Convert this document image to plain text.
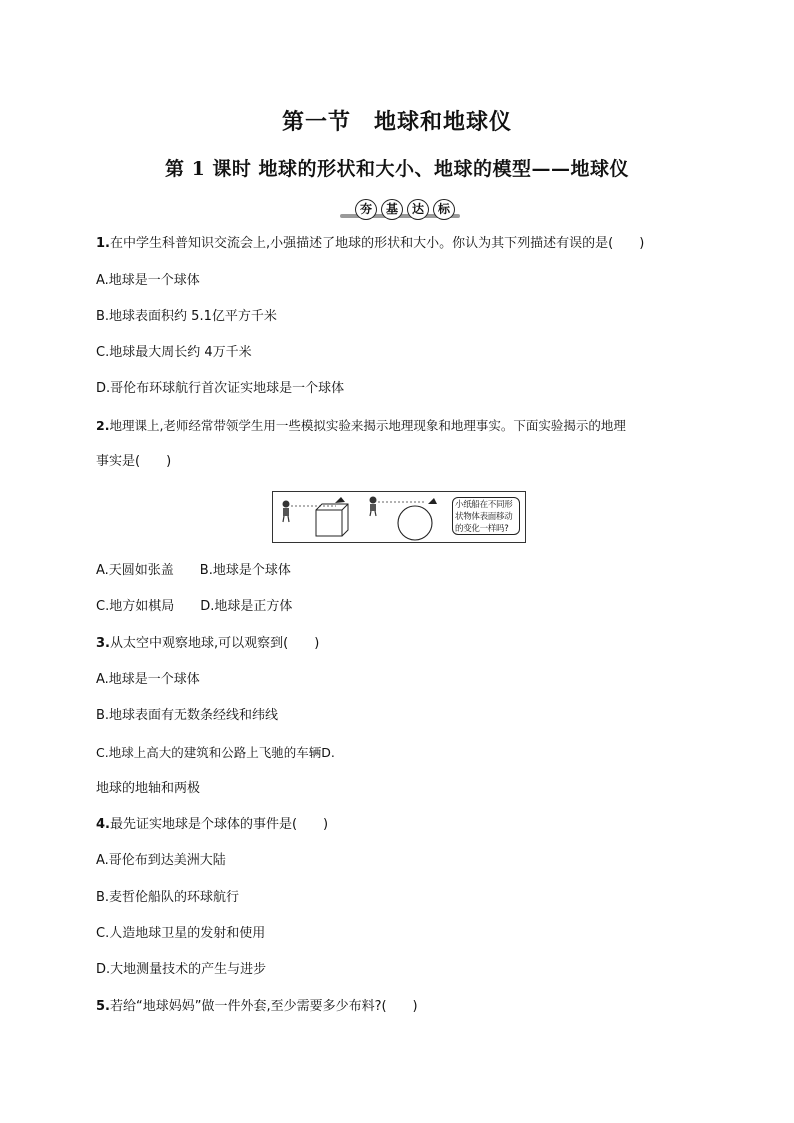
第一节　地球和地球仪
第 1 课时 地球的形状和大小、地球的模型——地球仪
夯	基	达	标
1.在中学生科普知识交流会上,小强描述了地球的形状和大小。你认为其下列描述有误的是(　　)
A.地球是一个球体
B.地球表面积约 5.1亿平方千米
C.地球最大周长约 4万千米
D.哥伦布环球航行首次证实地球是一个球体
2.地理课上,老师经常带领学生用一些模拟实验来揭示地理现象和地理事实。下面实验揭示的地理
事实是(　　)
小纸船在不同形状物体表面移动的变化一样吗?
A.天圆如张盖　　B.地球是个球体
C.地方如棋局　　D.地球是正方体
3.从太空中观察地球,可以观察到(　　)
A.地球是一个球体
B.地球表面有无数条经线和纬线
C.地球上高大的建筑和公路上飞驰的车辆D.
地球的地轴和两极
4.最先证实地球是个球体的事件是(　　)
A.哥伦布到达美洲大陆
B.麦哲伦船队的环球航行
C.人造地球卫星的发射和使用
D.大地测量技术的产生与进步
5.若给“地球妈妈”做一件外套,至少需要多少布料?(　　)
